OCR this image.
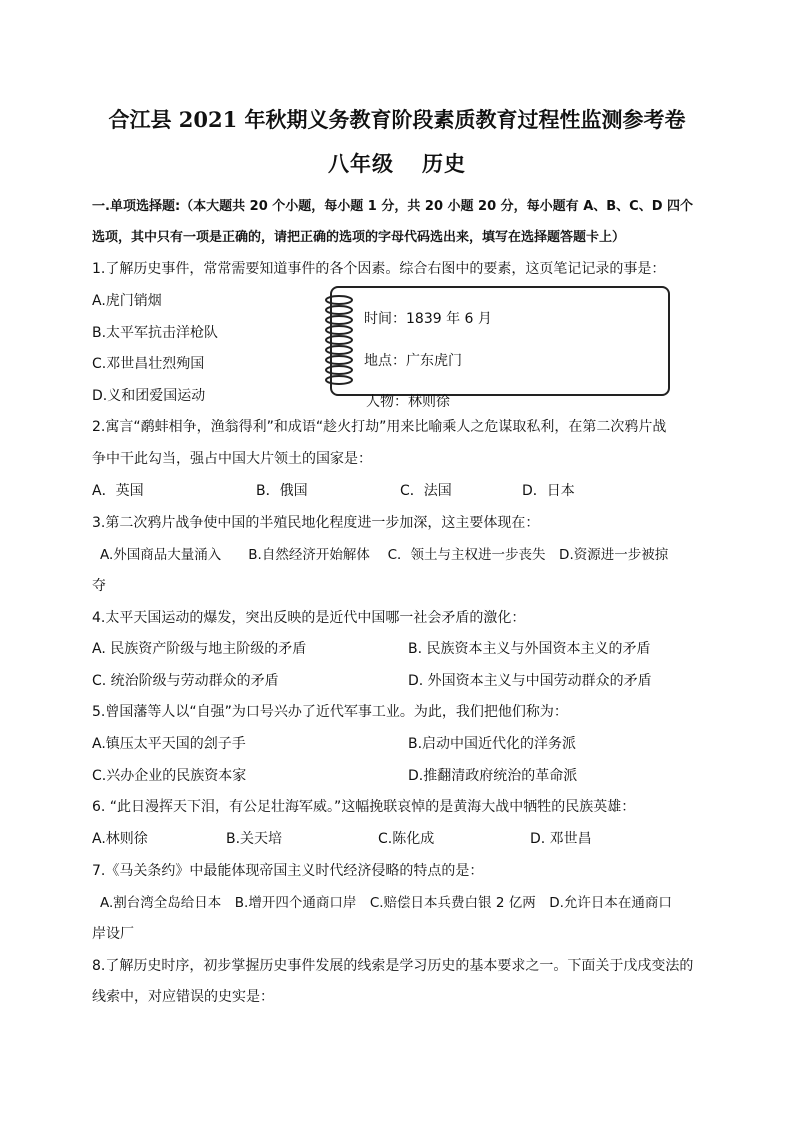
合江县 2021 年秋期义务教育阶段素质教育过程性监测参考卷
八年级 历史
一.单项选择题:（本大题共 20 个小题，每小题 1 分，共 20 小题 20 分，每小题有 A、B、C、D 四个
选项，其中只有一项是正确的，请把正确的选项的字母代码选出来，填写在选择题答题卡上）
1.了解历史事件，常常需要知道事件的各个因素。综合右图中的要素，这页笔记记录的事是：
A.虎门销烟
B.太平军抗击洋枪队
C.邓世昌壮烈殉国
D.义和团爱国运动
时间：1839 年 6 月
地点：广东虎门
人物：林则徐
2.寓言“鹬蚌相争，渔翁得利”和成语“趁火打劫”用来比喻乘人之危谋取私利，在第二次鸦片战
争中干此勾当，强占中国大片领土的国家是：
A．英国	B．俄国	C．法国	D．日本
3.第二次鸦片战争使中国的半殖民地化程度进一步加深，这主要体现在：
A.外国商品大量涌入　　B.自然经济开始解体　 C．领土与主权进一步丧失　D.资源进一步被掠
夺
4.太平天国运动的爆发，突出反映的是近代中国哪一社会矛盾的激化：
A. 民族资产阶级与地主阶级的矛盾	B. 民族资本主义与外国资本主义的矛盾
C. 统治阶级与劳动群众的矛盾	D. 外国资本主义与中国劳动群众的矛盾
5.曾国藩等人以“自强”为口号兴办了近代军事工业。为此，我们把他们称为：
A.镇压太平天国的刽子手	B.启动中国近代化的洋务派
C.兴办企业的民族资本家	D.推翻清政府统治的革命派
6. “此日漫挥天下泪，有公足壮海军威。”这幅挽联哀悼的是黄海大战中牺牲的民族英雄：
A.林则徐	B.关天培	C.陈化成	D. 邓世昌
7.《马关条约》中最能体现帝国主义时代经济侵略的特点的是：
A.割台湾全岛给日本　B.增开四个通商口岸　C.赔偿日本兵费白银 2 亿两　D.允许日本在通商口
岸设厂
8.了解历史时序，初步掌握历史事件发展的线索是学习历史的基本要求之一。下面关于戊戌变法的
线索中，对应错误的史实是：
